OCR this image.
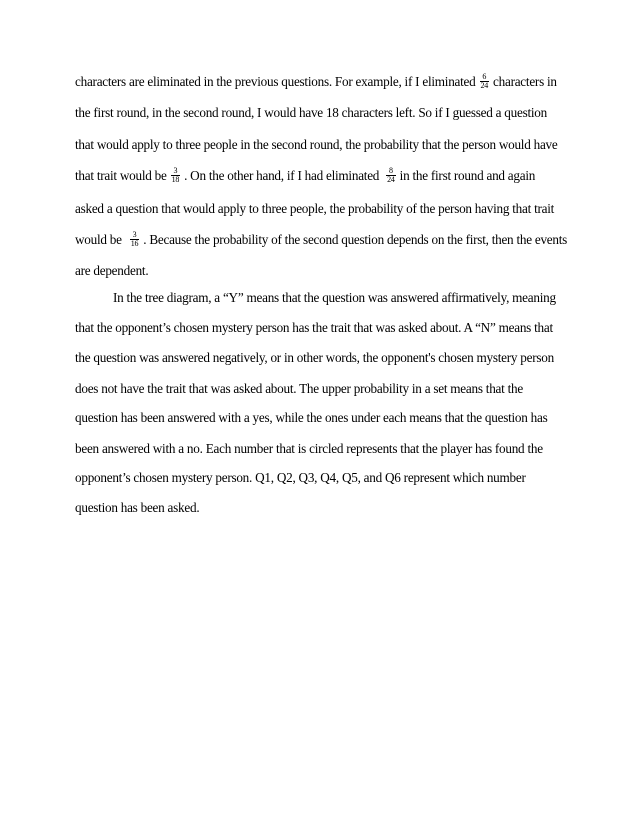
characters are eliminated in the previous questions. For example, if I eliminated $\frac{6}{24}$ characters in
the first round, in the second round, I would have 18 characters left. So if I guessed a question
that would apply to three people in the second round, the probability that the person would have
that trait would be $\frac{3}{18}$ . On the other hand, if I had eliminated $\frac{8}{24}$ in the first round and again
asked a question that would apply to three people, the probability of the person having that trait
would be $\frac{3}{16}$ . Because the probability of the second question depends on the first, then the events
are dependent.
In the tree diagram, a “Y” means that the question was answered affirmatively, meaning
that the opponent’s chosen mystery person has the trait that was asked about. A “N” means that
the question was answered negatively, or in other words, the opponent's chosen mystery person
does not have the trait that was asked about. The upper probability in a set means that the
question has been answered with a yes, while the ones under each means that the question has
been answered with a no. Each number that is circled represents that the player has found the
opponent’s chosen mystery person. Q1, Q2, Q3, Q4, Q5, and Q6 represent which number
question has been asked.
